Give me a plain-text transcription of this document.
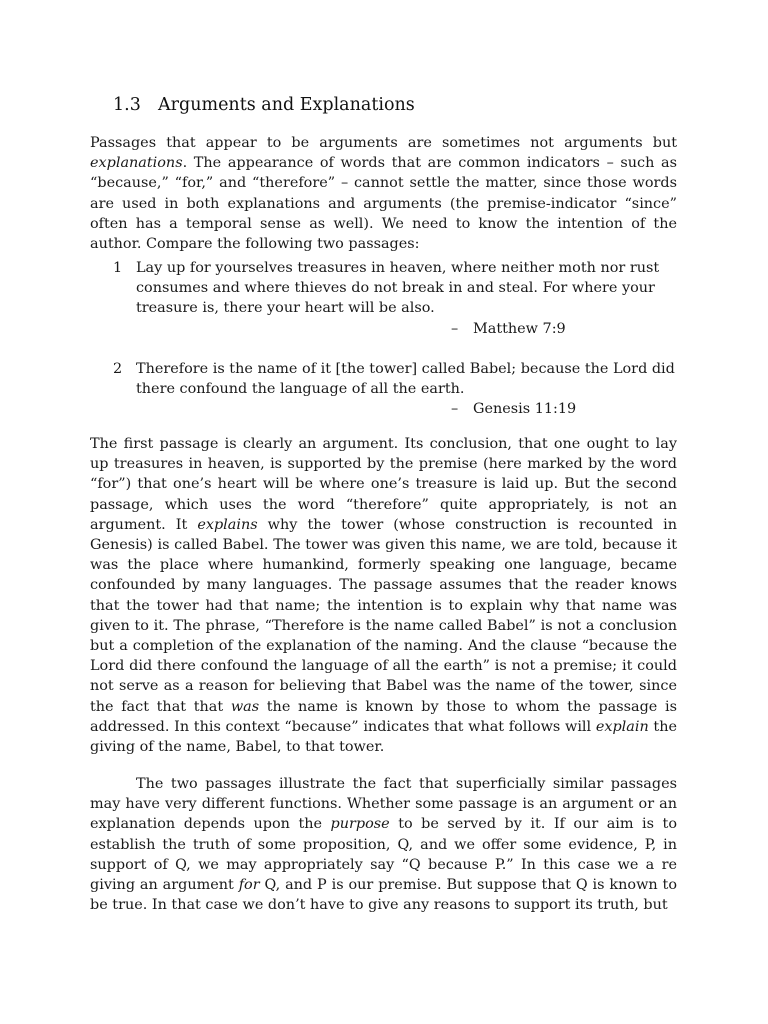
1.3 Arguments and Explanations

Passages that appear to be arguments are sometimes not arguments but explanations. The appearance of words that are common indicators – such as “because,” “for,” and “therefore” – cannot settle the matter, since those words are used in both explanations and arguments (the premise-indicator “since” often has a temporal sense as well). We need to know the intention of the author. Compare the following two passages:

1 Lay up for yourselves treasures in heaven, where neither moth nor rust consumes and where thieves do not break in and steal. For where your treasure is, there your heart will be also.
– Matthew 7:9
2 Therefore is the name of it [the tower] called Babel; because the Lord did there confound the language of all the earth.
– Genesis 11:19

The first passage is clearly an argument. Its conclusion, that one ought to lay up treasures in heaven, is supported by the premise (here marked by the word “for”) that one’s heart will be where one’s treasure is laid up. But the second passage, which uses the word “therefore” quite appropriately, is not an argument. It explains why the tower (whose construction is recounted in Genesis) is called Babel. The tower was given this name, we are told, because it was the place where humankind, formerly speaking one language, became confounded by many languages. The passage assumes that the reader knows that the tower had that name; the intention is to explain why that name was given to it. The phrase, “Therefore is the name called Babel” is not a conclusion but a completion of the explanation of the naming. And the clause “because the Lord did there confound the language of all the earth” is not a premise; it could not serve as a reason for believing that Babel was the name of the tower, since the fact that that was the name is known by those to whom the passage is addressed. In this context “because” indicates that what follows will explain the giving of the name, Babel, to that tower.

The two passages illustrate the fact that superficially similar passages may have very different functions. Whether some passage is an argument or an explanation depends upon the purpose to be served by it. If our aim is to establish the truth of some proposition, Q, and we offer some evidence, P, in support of Q, we may appropriately say “Q because P.” In this case we a re giving an argument for Q, and P is our premise. But suppose that Q is known to be true. In that case we don’t have to give any reasons to support its truth, but
